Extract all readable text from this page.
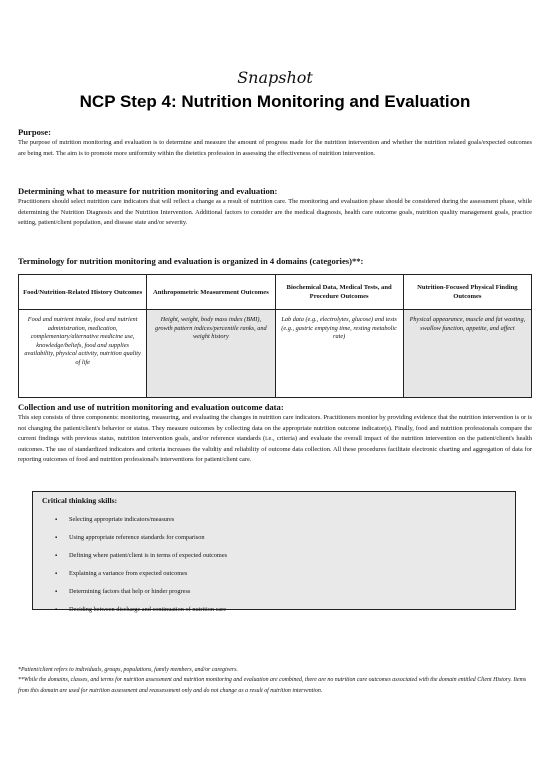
Snapshot
NCP Step 4: Nutrition Monitoring and Evaluation
Purpose:

The purpose of nutrition monitoring and evaluation is to determine and measure the amount of progress made for the nutrition intervention and whether the nutrition related goals/expected outcomes are being met. The aim is to promote more uniformity within the dietetics profession in assessing the effectiveness of nutrition intervention.

Determining what to measure for nutrition monitoring and evaluation:

Practitioners should select nutrition care indicators that will reflect a change as a result of nutrition care. The monitoring and evaluation phase should be considered during the assessment phase, while determining the Nutrition Diagnosis and the Nutrition Intervention. Additional factors to consider are the medical diagnosis, health care outcome goals, nutrition quality management goals, practice setting, patient/client population, and disease state and/or severity.

Terminology for nutrition monitoring and evaluation is organized in 4 domains (categories)**:
Food/Nutrition-Related History Outcomes	Anthropometric Measurement Outcomes	Biochemical Data, Medical Tests, and Procedure Outcomes	Nutrition-Focused Physical Finding Outcomes
Food and nutrient intake, food and nutrient administration, medication, complementary/alternative medicine use, knowledge/beliefs, food and supplies availability, physical activity, nutrition quality of life	Height, weight, body mass index (BMI), growth pattern indices/percentile ranks, and weight history	Lab data (e.g., electrolytes, glucose) and tests (e.g., gastric emptying time, resting metabolic rate)	Physical appearance, muscle and fat wasting, swallow function, appetite, and affect
Collection and use of nutrition monitoring and evaluation outcome data:

This step consists of three components: monitoring, measuring, and evaluating the changes in nutrition care indicators. Practitioners monitor by providing evidence that the nutrition intervention is or is not changing the patient/client's behavior or status. They measure outcomes by collecting data on the appropriate nutrition outcome indicator(s). Finally, food and nutrition professionals compare the current findings with previous status, nutrition intervention goals, and/or reference standards (i.e., criteria) and evaluate the overall impact of the nutrition intervention on the patient/client's health outcomes. The use of standardized indicators and criteria increases the validity and reliability of outcome data collection. All these procedures facilitate electronic charting and aggregation of data for reporting outcomes of food and nutrition professional's interventions for patient/client care.

Critical thinking skills:
▪ Selecting appropriate indicators/measures
▪ Using appropriate reference standards for comparison
▪ Defining where patient/client is in terms of expected outcomes
▪ Explaining a variance from expected outcomes
▪ Determining factors that help or hinder progress
▪ Deciding between discharge and continuation of nutrition care

*Patient/client refers to individuals, groups, populations, family members, and/or caregivers.

**While the domains, classes, and terms for nutrition assessment and nutrition monitoring and evaluation are combined, there are no nutrition care outcomes associated with the domain entitled Client History. Items from this domain are used for nutrition assessment and reassessment only and do not change as a result of nutrition intervention.
